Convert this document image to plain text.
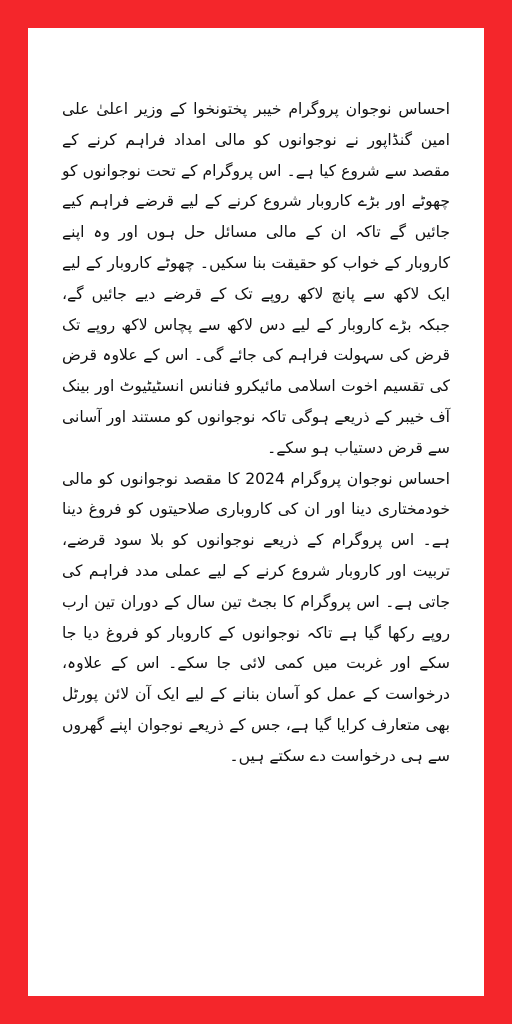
احساس نوجوان پروگرام خیبر پختونخوا کے وزیر اعلیٰ علی امین گنڈاپور نے نوجوانوں کو مالی امداد فراہم کرنے کے مقصد سے شروع کیا ہے۔ اس پروگرام کے تحت نوجوانوں کو چھوٹے اور بڑے کاروبار شروع کرنے کے لیے قرضے فراہم کیے جائیں گے تاکہ ان کے مالی مسائل حل ہوں اور وہ اپنے کاروبار کے خواب کو حقیقت بنا سکیں۔ چھوٹے کاروبار کے لیے ایک لاکھ سے پانچ لاکھ روپے تک کے قرضے دیے جائیں گے، جبکہ بڑے کاروبار کے لیے دس لاکھ سے پچاس لاکھ روپے تک قرض کی سہولت فراہم کی جائے گی۔ اس کے علاوہ قرض کی تقسیم اخوت اسلامی مائیکرو فنانس انسٹیٹیوٹ اور بینک آف خیبر کے ذریعے ہوگی تاکہ نوجوانوں کو مستند اور آسانی سے قرض دستیاب ہو سکے۔

احساس نوجوان پروگرام 2024 کا مقصد نوجوانوں کو مالی خودمختاری دینا اور ان کی کاروباری صلاحیتوں کو فروغ دینا ہے۔ اس پروگرام کے ذریعے نوجوانوں کو بلا سود قرضے، تربیت اور کاروبار شروع کرنے کے لیے عملی مدد فراہم کی جاتی ہے۔ اس پروگرام کا بجٹ تین سال کے دوران تین ارب روپے رکھا گیا ہے تاکہ نوجوانوں کے کاروبار کو فروغ دیا جا سکے اور غربت میں کمی لائی جا سکے۔ اس کے علاوہ، درخواست کے عمل کو آسان بنانے کے لیے ایک آن لائن پورٹل بھی متعارف کرایا گیا ہے، جس کے ذریعے نوجوان اپنے گھروں سے ہی درخواست دے سکتے ہیں۔
